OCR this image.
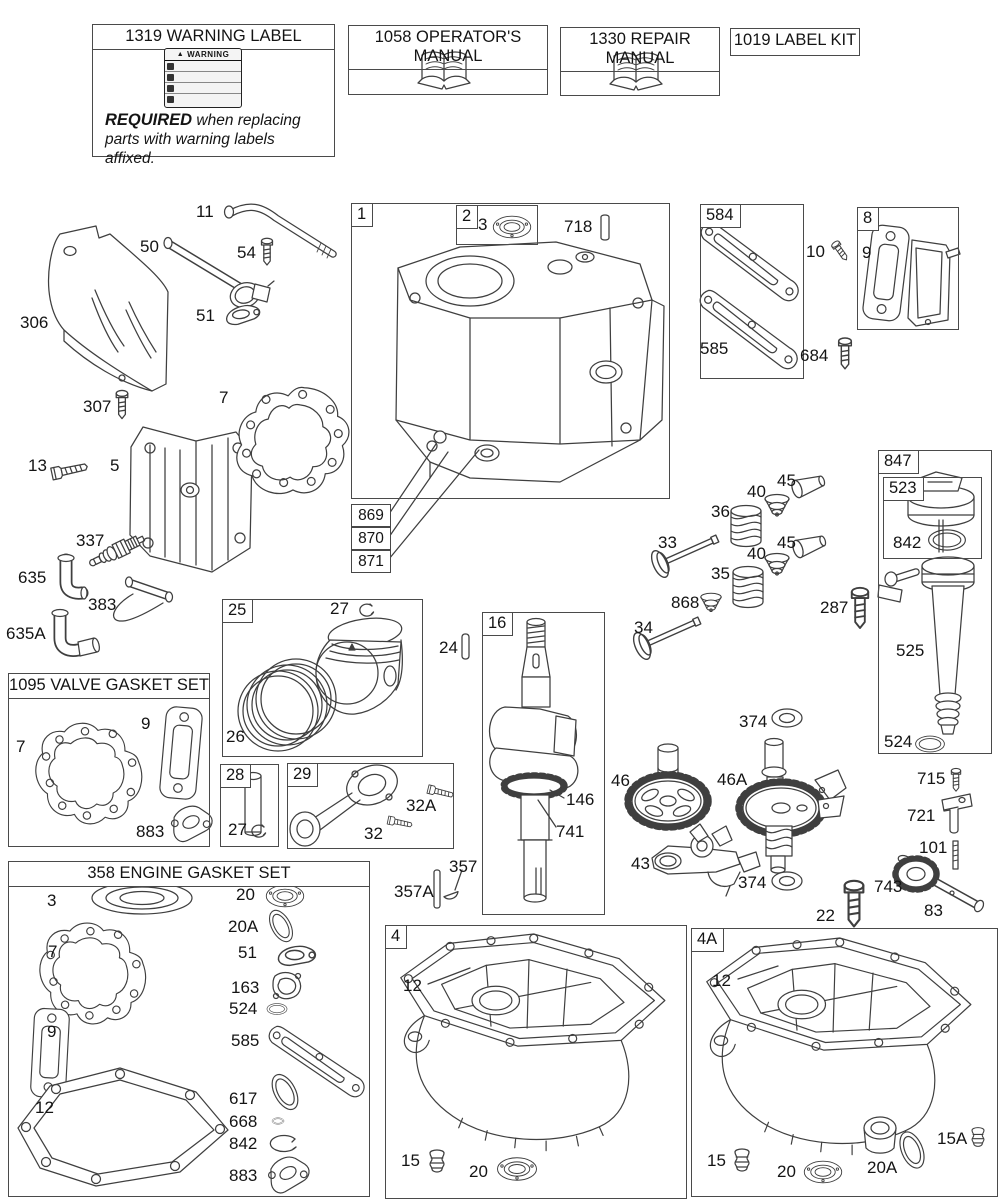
1319 WARNING LABEL
▲ WARNING
REQUIRED when replacing parts with warning labels affixed.
1058 OPERATOR'S MANUAL
1330 REPAIR MANUAL
1019 LABEL KIT
1	2	584	8
847
523
25
16
28	29
4	4A
1095 VALVE GASKET SET
358 ENGINE GASKET SET
869
870
871
11
50	54
51
306
307
13	5
7
337
635
383
635A
3	718
585
10
684
9
45
40
36
33	45
40
35
868
34
287
842
525
524
27
26
24
146
741
27
32A
32
357A
357
46	46A
43
374
374
715
721
101
743
83
22
7
9
883
3
7
9
12
20
20A
51
163
524
585
617
668
842
883
12
15
20
12
15
20	20A
15A
